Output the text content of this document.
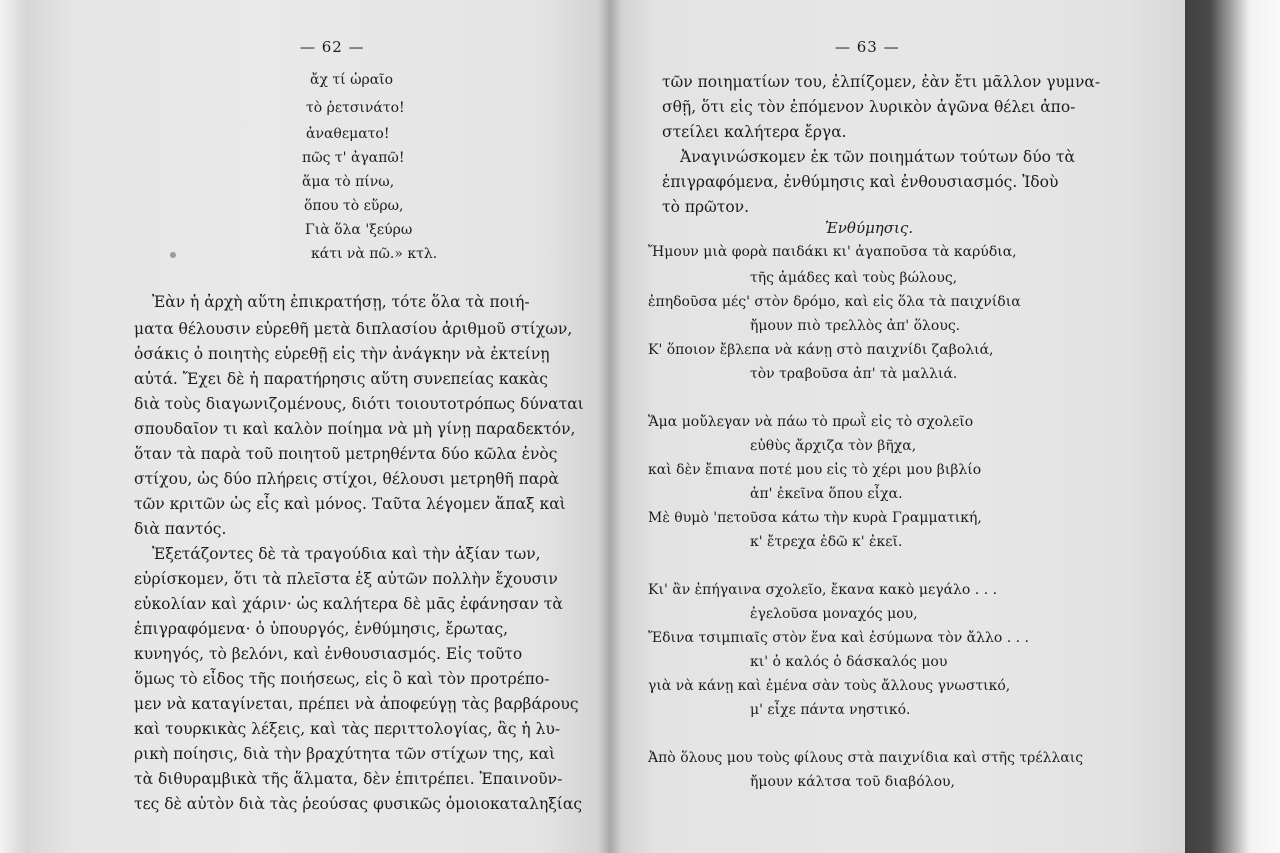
— 62 —
ἄχ τί ὡραῖο
τὸ ῥετσινάτο!
ἀναθεματο!
πῶς τ' ἀγαπῶ!
ἅμα τὸ πίνω,
ὅπου τὸ εὕρω,
Γιὰ ὅλα 'ξεύρω
κάτι νὰ πῶ.» κτλ.
Ἐὰν ἡ ἀρχὴ αὕτη ἐπικρατήσῃ, τότε ὅλα τὰ ποιή-
ματα θέλουσιν εὑρεθῆ μετὰ διπλασίου ἀριθμοῦ στίχων,
ὁσάκις ὁ ποιητὴς εὑρεθῇ εἰς τὴν ἀνάγκην νὰ ἐκτείνῃ
αὐτά. Ἔχει δὲ ἡ παρατήρησις αὕτη συνεπείας κακὰς
διὰ τοὺς διαγωνιζομένους, διότι τοιουτοτρόπως δύναται
σπουδαῖον τι καὶ καλὸν ποίημα νὰ μὴ γίνῃ παραδεκτόν,
ὅταν τὰ παρὰ τοῦ ποιητοῦ μετρηθέντα δύο κῶλα ἑνὸς
στίχου, ὡς δύο πλήρεις στίχοι, θέλουσι μετρηθῆ παρὰ
τῶν κριτῶν ὡς εἷς καὶ μόνος. Ταῦτα λέγομεν ἅπαξ καὶ
διὰ παντός.
Ἐξετάζοντες δὲ τὰ τραγούδια καὶ τὴν ἀξίαν των,
εὑρίσκομεν, ὅτι τὰ πλεῖστα ἐξ αὐτῶν πολλὴν ἔχουσιν
εὐκολίαν καὶ χάριν· ὡς καλήτερα δὲ μᾶς ἐφάνησαν τὰ
ἐπιγραφόμενα· ὁ ὑπουργός, ἐνθύμησις, ἔρωτας,
κυνηγός, τὸ βελόνι, καὶ ἐνθουσιασμός. Εἰς τοῦτο
ὅμως τὸ εἶδος τῆς ποιήσεως, εἰς ὃ καὶ τὸν προτρέπο-
μεν νὰ καταγίνεται, πρέπει νὰ ἀποφεύγῃ τὰς βαρβάρους
καὶ τουρκικὰς λέξεις, καὶ τὰς περιττολογίας, ἃς ἡ λυ-
ρικὴ ποίησις, διὰ τὴν βραχύτητα τῶν στίχων της, καὶ
τὰ διθυραμβικὰ τῆς ἅλματα, δὲν ἐπιτρέπει. Ἐπαινοῦν-
τες δὲ αὐτὸν διὰ τὰς ῥεούσας φυσικῶς ὁμοιοκαταληξίας
— 63 —
τῶν ποιηματίων του, ἐλπίζομεν, ἐὰν ἔτι μᾶλλον γυμνα-
σθῇ, ὅτι εἰς τὸν ἐπόμενον λυρικὸν ἀγῶνα θέλει ἀπο-
στείλει καλήτερα ἔργα.
Ἀναγινώσκομεν ἐκ τῶν ποιημάτων τούτων δύο τὰ
ἐπιγραφόμενα, ἐνθύμησις καὶ ἐνθουσιασμός. Ἰδοὺ
τὸ πρῶτον.
Ἐνθύμησις.
Ἤμουν μιὰ φορὰ παιδάκι κι' ἀγαποῦσα τὰ καρύδια,
τῆς ἀμάδες καὶ τοὺς βώλους,
ἐπηδοῦσα μές' στὸν δρόμο, καὶ εἰς ὅλα τὰ παιχνίδια
ἤμουν πιὸ τρελλὸς ἀπ' ὅλους.
Κ' ὅποιον ἔβλεπα νὰ κάνῃ στὸ παιχνίδι ζαβολιά,
τὸν τραβοῦσα ἀπ' τὰ μαλλιά.
Ἅμα μοὔλεγαν νὰ πάω τὸ πρωῒ εἰς τὸ σχολεῖο
εὐθὺς ἄρχιζα τὸν βῆχα,
καὶ δὲν ἔπιανα ποτέ μου εἰς τὸ χέρι μου βιβλίο
ἀπ' ἐκεῖνα ὅπου εἶχα.
Μὲ θυμὸ 'πετοῦσα κάτω τὴν κυρὰ Γραμματική,
κ' ἔτρεχα ἐδῶ κ' ἐκεῖ.
Κι' ἂν ἐπήγαινα σχολεῖο, ἔκανα κακὸ μεγάλο . . .
ἐγελοῦσα μοναχός μου,
Ἔδινα τσιμπιαῖς στὸν ἕνα καὶ ἐσύμωνα τὸν ἄλλο . . .
κι' ὁ καλός ὁ δάσκαλός μου
γιὰ νὰ κάνῃ καὶ ἐμένα σὰν τοὺς ἄλλους γνωστικό,
μ' εἶχε πάντα νηστικό.
Ἀπὸ ὅλους μου τοὺς φίλους στὰ παιχνίδια καὶ στῆς τρέλλαις
ἤμουν κάλτσα τοῦ διαβόλου,
